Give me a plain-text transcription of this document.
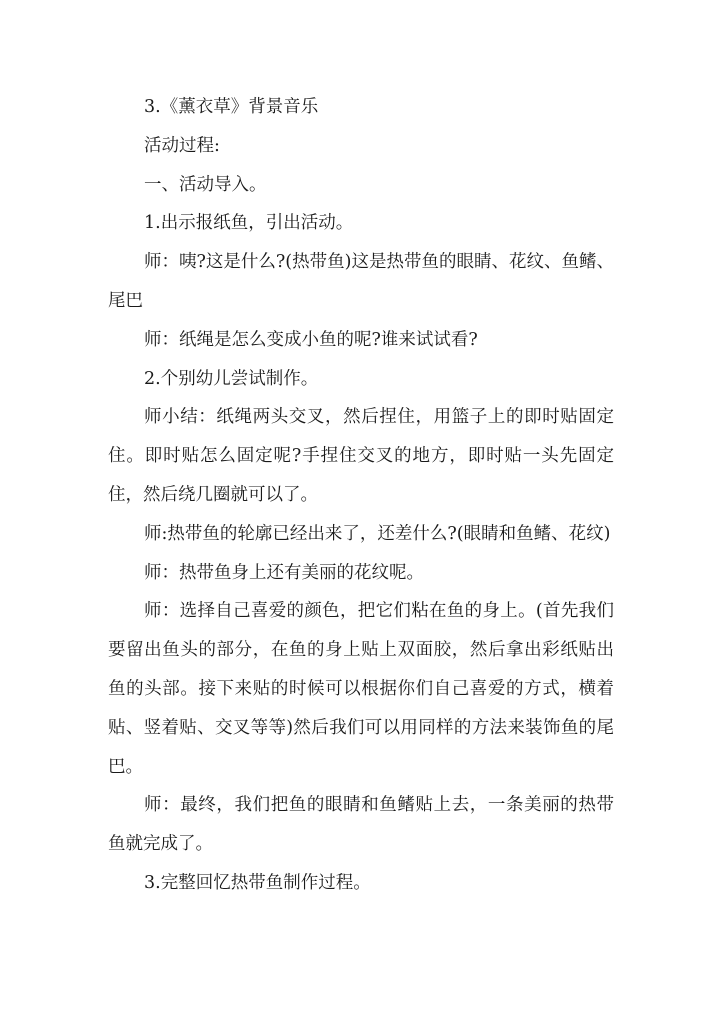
3.《薰衣草》背景音乐

活动过程:

一、活动导入。

1.出示报纸鱼，引出活动。

师：咦?这是什么?(热带鱼)这是热带鱼的眼睛、花纹、鱼鳍、尾巴

师：纸绳是怎么变成小鱼的呢?谁来试试看?

2.个别幼儿尝试制作。

师小结：纸绳两头交叉，然后捏住，用篮子上的即时贴固定住。即时贴怎么固定呢?手捏住交叉的地方，即时贴一头先固定住，然后绕几圈就可以了。

师:热带鱼的轮廓已经出来了，还差什么?(眼睛和鱼鳍、花纹)

师：热带鱼身上还有美丽的花纹呢。

师：选择自己喜爱的颜色，把它们粘在鱼的身上。(首先我们要留出鱼头的部分，在鱼的身上贴上双面胶，然后拿出彩纸贴出鱼的头部。接下来贴的时候可以根据你们自己喜爱的方式，横着贴、竖着贴、交叉等等)然后我们可以用同样的方法来装饰鱼的尾巴。

师：最终，我们把鱼的眼睛和鱼鳍贴上去，一条美丽的热带鱼就完成了。

3.完整回忆热带鱼制作过程。
